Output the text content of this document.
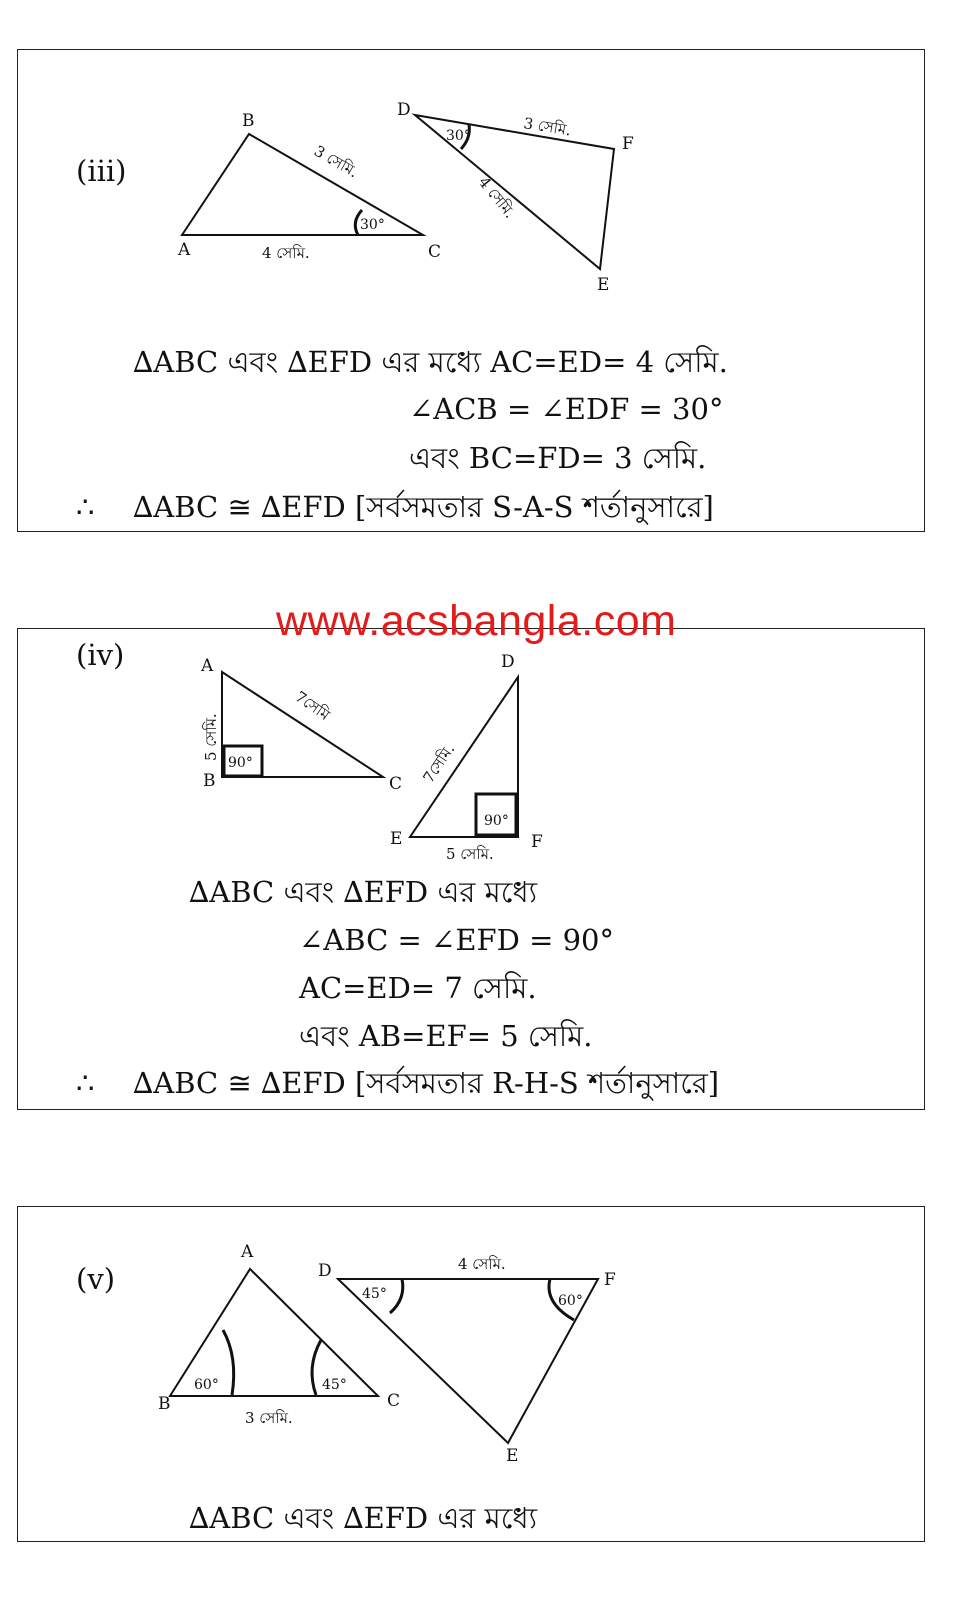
A
B
C
3 সেমি.
4 সেমি.
30°
D
E
F
3 সেমি.
4 সেমি.
30°
(iii)
∆ABC এবং ∆EFD এর মধ্যে AC=ED= 4 সেমি.
∠ACB = ∠EDF = 30°
এবং BC=FD= 3 সেমি.
∴ ∆ABC ≅ ∆EFD [সর্বসমতার S-A-S শর্তানুসারে]
A
B	C
5 সেমি.
7সেমি
90°
D
E	F
5 সেমি.
7সেমি.
90°
(iv)
∆ABC এবং ∆EFD এর মধ্যে
∠ABC = ∠EFD = 90°
AC=ED= 7 সেমি.
এবং AB=EF= 5 সেমি.
∴ ∆ABC ≅ ∆EFD [সর্বসমতার R-H-S শর্তানুসারে]
www.acsbangla.com
A
B	C
3 সেমি.
60°	45°
D
E
F
4 সেমি.
45°	60°
(v)
∆ABC এবং ∆EFD এর মধ্যে
